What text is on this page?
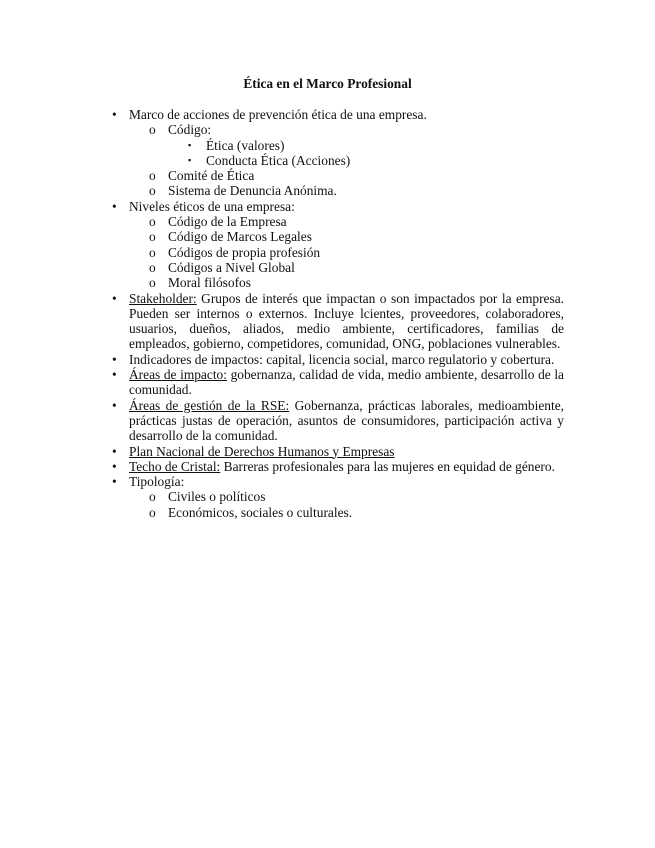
Ética en el Marco Profesional
• Marco de acciones de prevención ética de una empresa.
o Código:
▪ Ética (valores)
▪ Conducta Ética (Acciones)
o Comité de Ética
o Sistema de Denuncia Anónima.
• Niveles éticos de una empresa:
o Código de la Empresa
o Código de Marcos Legales
o Códigos de propia profesión
o Códigos a Nivel Global
o Moral filósofos
• Stakeholder: Grupos de interés que impactan o son impactados por la empresa. Pueden ser internos o externos. Incluye lcientes, proveedores, colaboradores, usuarios, dueños, aliados, medio ambiente, certificadores, familias de empleados, gobierno, competidores, comunidad, ONG, poblaciones vulnerables.
• Indicadores de impactos: capital, licencia social, marco regulatorio y cobertura.
• Áreas de impacto: gobernanza, calidad de vida, medio ambiente, desarrollo de la comunidad.
• Áreas de gestión de la RSE: Gobernanza, prácticas laborales, medioambiente, prácticas justas de operación, asuntos de consumidores, participación activa y desarrollo de la comunidad.
• Plan Nacional de Derechos Humanos y Empresas
• Techo de Cristal: Barreras profesionales para las mujeres en equidad de género.
• Tipología:
o Civiles o políticos
o Económicos, sociales o culturales.
